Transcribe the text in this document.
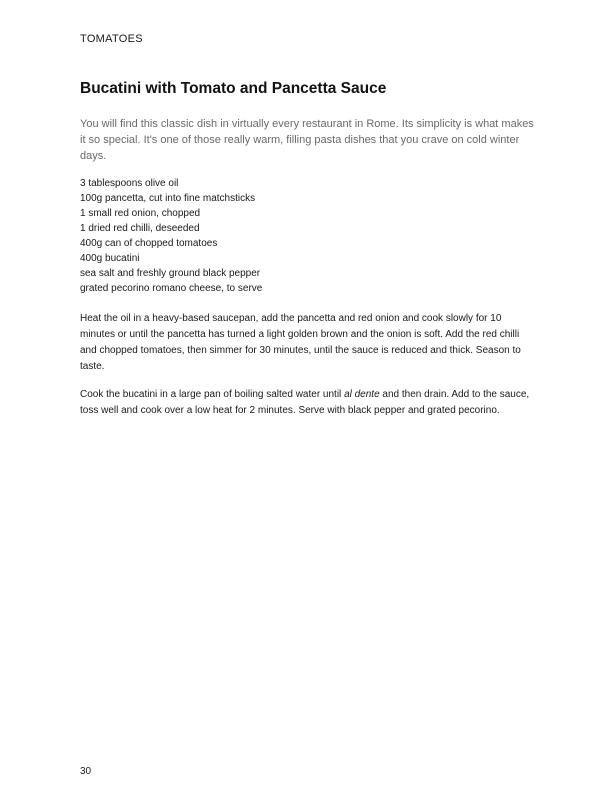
TOMATOES
Bucatini with Tomato and Pancetta Sauce

You will find this classic dish in virtually every restaurant in Rome. Its simplicity is what makes it so special. It's one of those really warm, filling pasta dishes that you crave on cold winter days.

3 tablespoons olive oil
100g pancetta, cut into fine matchsticks
1 small red onion, chopped
1 dried red chilli, deseeded
400g can of chopped tomatoes
400g bucatini
sea salt and freshly ground black pepper
grated pecorino romano cheese, to serve

Heat the oil in a heavy-based saucepan, add the pancetta and red onion and cook slowly for 10 minutes or until the pancetta has turned a light golden brown and the onion is soft. Add the red chilli and chopped tomatoes, then simmer for 30 minutes, until the sauce is reduced and thick. Season to taste.

Cook the bucatini in a large pan of boiling salted water until al dente and then drain. Add to the sauce, toss well and cook over a low heat for 2 minutes. Serve with black pepper and grated pecorino.

30
